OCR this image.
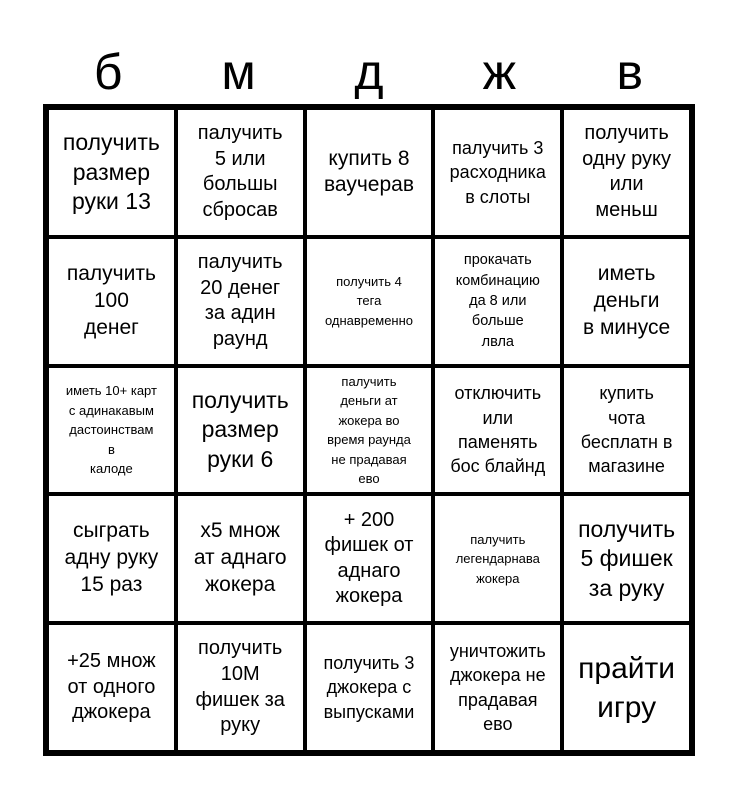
б	м	д	ж	в
получить
размер
руки 13
палучить
5 или
большы
сбросав
купить 8
ваучерав
палучить 3
расходника
в слоты
получить
одну руку
или
меньш
палучить
100
денег
палучить
20 денег
за адин
раунд
получить 4
тега
однавременно
прокачать
комбинацию
да 8 или
больше
лвла
иметь
деньги
в минусе
иметь 10+ карт
с адинакавым
дастоинствам
в
калоде
получить
размер
руки 6
палучить
деньги ат
жокера во
время раунда
не прадавая
ево
отключить
или
паменять
бос блайнд
купить
чота
бесплатн в
магазине
сыграть
адну руку
15 раз
х5 множ
ат аднаго
жокера
+ 200
фишек от
аднаго
жокера
палучить
легендарнава
жокера
получить
5 фишек
за руку
+25 множ
от одного
джокера
получить
10М
фишек за
руку
получить 3
джокера с
выпусками
уничтожить
джокера не
прадавая
ево
прайти
игру
